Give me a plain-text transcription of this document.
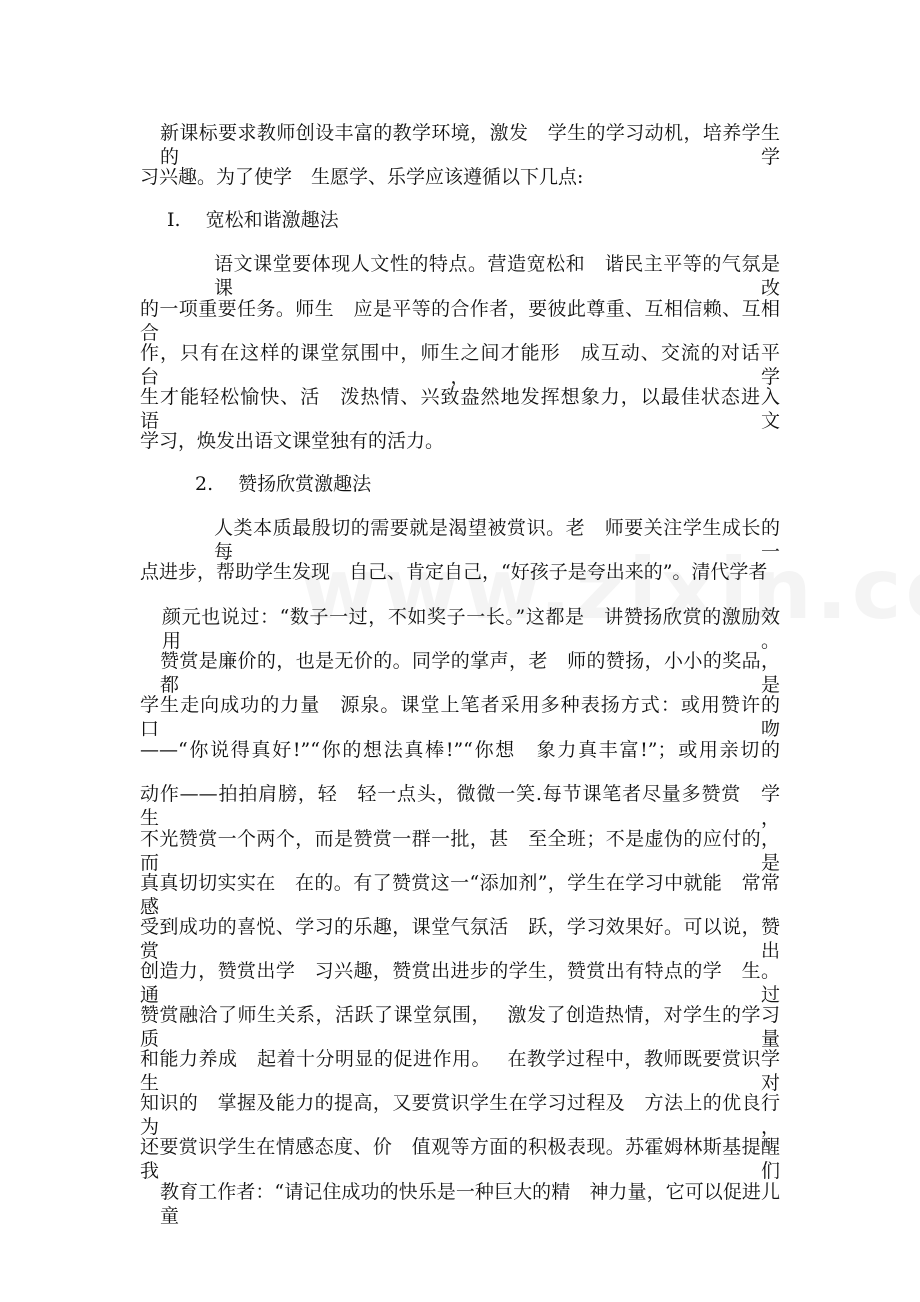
新课标要求教师创设丰富的教学环境，激发　学生的学习动机，培养学生的学
习兴趣。为了使学　生愿学、乐学应该遵循以下几点:
Ⅰ.　 宽松和谐激趣法
语文课堂要体现人文性的特点。营造宽松和　谐民主平等的气氛是课改
的一项重要任务。师生　应是平等的合作者，要彼此尊重、互相信赖、互相　合
作，只有在这样的课堂氛围中，师生之间才能形　成互动、交流的对话平台，学
生才能轻松愉快、活　泼热情、兴致盎然地发挥想象力，以最佳状态进入　语文
学习，焕发出语文课堂独有的活力。
2.　 赞扬欣赏激趣法
人类本质最殷切的需要就是渴望被赏识。老　师要关注学生成长的每一
点进步，帮助学生发现　自己、肯定自己，“好孩子是夸出来的”。清代学者
颜元也说过：“数子一过，不如奖子一长。”这都是　讲赞扬欣赏的激励效用。
赞赏是廉价的，也是无价的。同学的掌声，老　师的赞扬，小小的奖品，都是
学生走向成功的力量　源泉。课堂上笔者采用多种表扬方式：或用赞许的　口吻
——“你说得真好!”“你的想法真棒!”“你想　象力真丰富!”；或用亲切的
动作——拍拍肩膀，轻　轻一点头，微微一笑.每节课笔者尽量多赞赏　学生，
不光赞赏一个两个，而是赞赏一群一批，甚　至全班；不是虚伪的应付的，而是
真真切切实实在　在的。有了赞赏这一“添加剂”，学生在学习中就能　常常感
受到成功的喜悦、学习的乐趣，课堂气氛活　跃，学习效果好。可以说，赞赏出
创造力，赞赏出学　习兴趣，赞赏出进步的学生，赞赏出有特点的学　生。通过
赞赏融洽了师生关系，活跃了课堂氛围，　 激发了创造热情，对学生的学习质量
和能力养成　起着十分明显的促进作用。　 在教学过程中，教师既要赏识学生对
知识的　掌握及能力的提高，又要赏识学生在学习过程及　方法上的优良行为，
还要赏识学生在情感态度、价　值观等方面的积极表现。苏霍姆林斯基提醒我们
教育工作者：“请记住成功的快乐是一种巨大的精　神力量，它可以促进儿童
